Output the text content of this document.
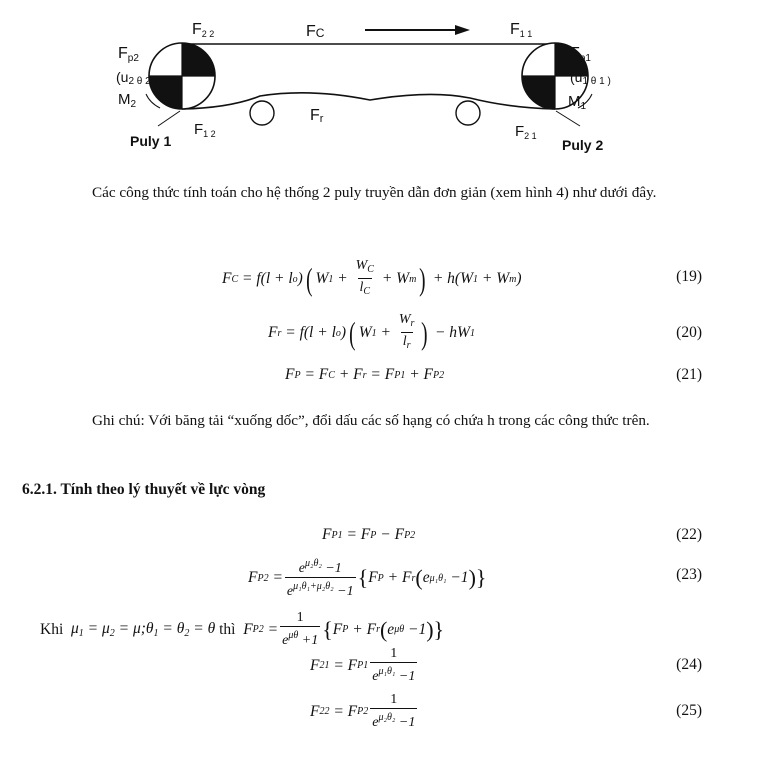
F2 2	FC	F1 1
Fp2
(u2 θ 2 )
$M_2$
Fp1
(u1 θ 1 )
$M_1$
$F_{1 2}$
Fr
$F_{2 1}$
Puly 1	Puly 2
Các công thức tính toán cho hệ thống 2 puly truyền dẫn đơn giản (xem hình 4) như dưới đây.
F C = f(l + l o ) ( W $1 + \frac{W_C}{l_C} + W$ m ) + h(W 1 + W m )	(19)
F r = f(l + l o ) ( W $1 + \frac{W_r}{l_r}$ ) − hW 1	(20)
F P = F C + F r = F P1 + F P2	(21)
Ghi chú: Với băng tải “xuống dốc”, đổi dấu các số hạng có chứa h trong các công thức trên.
6.2.1. Tính theo lý thuyết về lực vòng
F P1 = F P − F P2	(22)
F $P2 = \frac{e^{\mu_2\theta_2} -1}{e^{\mu_1\theta_1+\mu_2\theta_2} -1}$ { F P + F r ( e μ₁θ₁ −1 ) }	(23)
Khi $\mu_1 = \mu_2$ = $\mu;\theta_1 = \theta_2 = \theta$ thì F $P2 = \frac{1}{e^{\mu\theta} +1}$ { F P + F r ( e μθ −1 ) }
F 21 = F $P1 \frac{1}{e^{\mu_1\theta_1} -1}$	(24)
F 22 = F $P2 \frac{1}{e^{\mu_2\theta_2} -1}$	(25)
